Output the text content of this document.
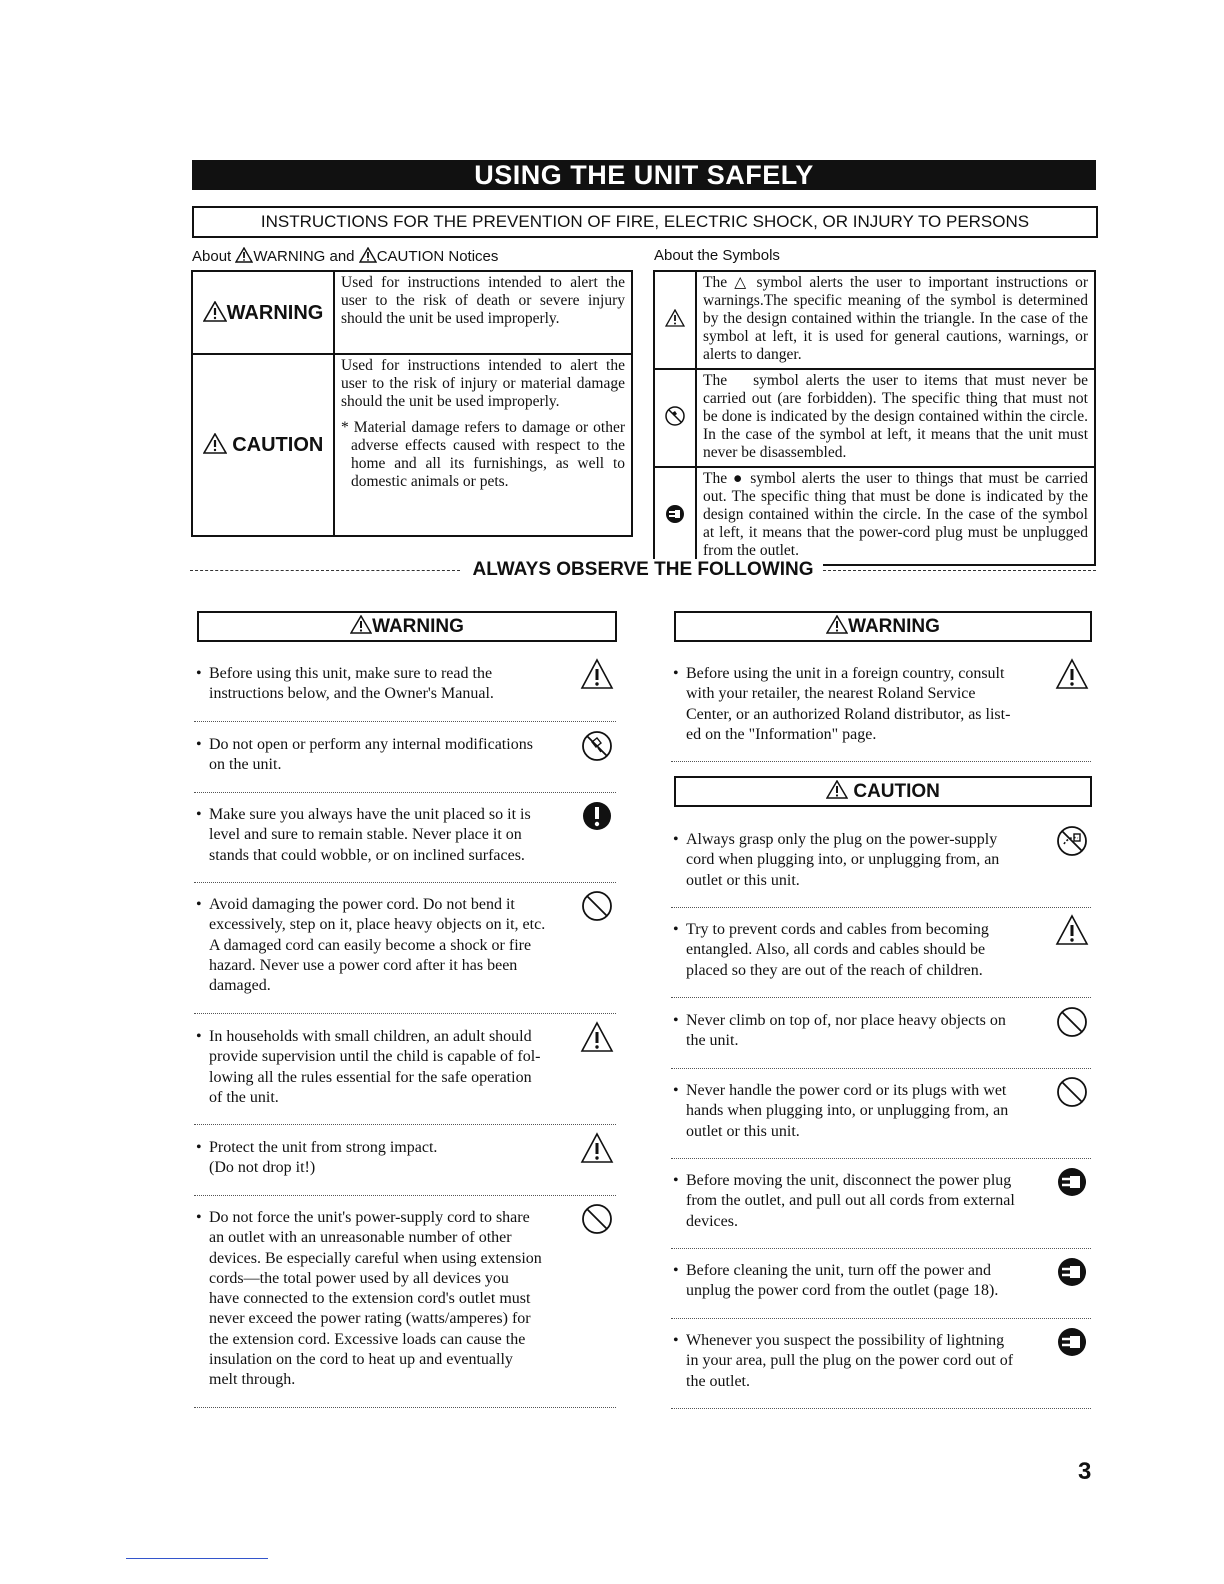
USING THE UNIT SAFELY
INSTRUCTIONS FOR THE PREVENTION OF FIRE, ELECTRIC SHOCK, OR INJURY TO PERSONS
About WARNING and CAUTION Notices	About the Symbols
WARNING	Used for instructions intended to alert the user to the risk of death or severe injury should the unit be used improperly.
CAUTION	Used for instructions intended to alert the user to the risk of injury or material damage should the unit be used improperly.
* Material damage refers to damage or other adverse effects caused with respect to the home and all its furnishings, as well to domestic animals or pets.
	The △ symbol alerts the user to important instructions or warnings.The specific meaning of the symbol is determined by the design contained within the triangle. In the case of the symbol at left, it is used for general cautions, warnings, or alerts to danger.
	The ⃠ symbol alerts the user to items that must never be carried out (are forbidden). The specific thing that must not be done is indicated by the design contained within the circle. In the case of the symbol at left, it means that the unit must never be disassembled.
	The ● symbol alerts the user to things that must be carried out. The specific thing that must be done is indicated by the design contained within the circle. In the case of the symbol at left, it means that the power-cord plug must be unplugged from the outlet.
ALWAYS OBSERVE THE FOLLOWING
WARNING	WARNING
CAUTION
• Before using this unit, make sure to read the
instructions below, and the Owner's Manual.
• Do not open or perform any internal modifications
on the unit.
• Make sure you always have the unit placed so it is
level and sure to remain stable. Never place it on
stands that could wobble, or on inclined surfaces.
• Avoid damaging the power cord. Do not bend it
excessively, step on it, place heavy objects on it, etc.
A damaged cord can easily become a shock or fire
hazard. Never use a power cord after it has been
damaged.
• In households with small children, an adult should
provide supervision until the child is capable of fol-
lowing all the rules essential for the safe operation
of the unit.
• Protect the unit from strong impact.
(Do not drop it!)
• Do not force the unit's power-supply cord to share
an outlet with an unreasonable number of other
devices. Be especially careful when using extension
cords—the total power used by all devices you
have connected to the extension cord's outlet must
never exceed the power rating (watts/amperes) for
the extension cord. Excessive loads can cause the
insulation on the cord to heat up and eventually
melt through.
• Before using the unit in a foreign country, consult
with your retailer, the nearest Roland Service
Center, or an authorized Roland distributor, as list-
ed on the "Information" page.
• Always grasp only the plug on the power-supply
cord when plugging into, or unplugging from, an
outlet or this unit.
• Try to prevent cords and cables from becoming
entangled. Also, all cords and cables should be
placed so they are out of the reach of children.
• Never climb on top of, nor place heavy objects on
the unit.
• Never handle the power cord or its plugs with wet
hands when plugging into, or unplugging from, an
outlet or this unit.
• Before moving the unit, disconnect the power plug
from the outlet, and pull out all cords from external
devices.
• Before cleaning the unit, turn off the power and
unplug the power cord from the outlet (page 18).
• Whenever you suspect the possibility of lightning
in your area, pull the plug on the power cord out of
the outlet.
3
